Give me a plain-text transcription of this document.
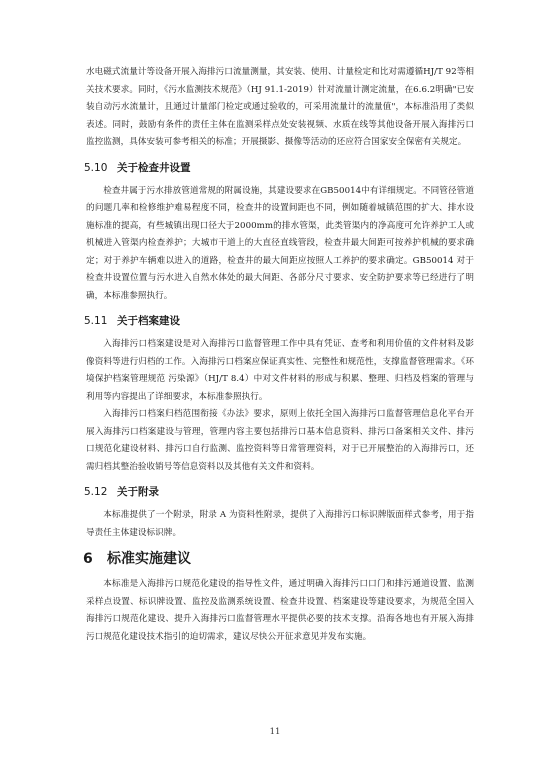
水电磁式流量计等设备开展入海排污口流量测量，其安装、使用、计量检定和比对需遵循HJ/T 92等相关技术要求。同时，《污水监测技术规范》（HJ 91.1-2019）针对流量计测定流量，在6.6.2明确"已安装自动污水流量计，且通过计量部门检定或通过验收的，可采用流量计的流量值"，本标准沿用了类似表述。同时，鼓励有条件的责任主体在监测采样点处安装视频、水质在线等其他设备开展入海排污口监控监测，具体安装可参考相关的标准；开展摄影、摄像等活动的还应符合国家安全保密有关规定。

5.10 关于检查井设置

检查井属于污水排放管道常规的附属设施，其建设要求在GB50014中有详细规定。不同管径管道的问题几率和检修维护难易程度不同，检查井的设置间距也不同，例如随着城镇范围的扩大、排水设施标准的提高，有些城镇出现口径大于2000mm的排水管渠，此类管渠内的净高度可允许养护工人或机械进入管渠内检查养护；大城市干道上的大直径直线管段，检查井最大间距可按养护机械的要求确定；对于养护车辆难以进入的道路，检查井的最大间距应按照人工养护的要求确定。GB50014 对于检查井设置位置与污水进入自然水体处的最大间距、各部分尺寸要求、安全防护要求等已经进行了明确，本标准参照执行。

5.11 关于档案建设

入海排污口档案建设是对入海排污口监督管理工作中具有凭证、查考和利用价值的文件材料及影像资料等进行归档的工作。入海排污口档案应保证真实性、完整性和规范性，支撑监督管理需求。《环境保护档案管理规范 污染源》（HJ/T 8.4）中对文件材料的形成与积累、整理、归档及档案的管理与利用等内容提出了详细要求，本标准参照执行。

入海排污口档案归档范围衔接《办法》要求，原则上依托全国入海排污口监督管理信息化平台开展入海排污口档案建设与管理，管理内容主要包括排污口基本信息资料、排污口备案相关文件、排污口规范化建设材料、排污口自行监测、监控资料等日常管理资料，对于已开展整治的入海排污口，还需归档其整治验收销号等信息资料以及其他有关文件和资料。

5.12 关于附录

本标准提供了一个附录，附录 A 为资料性附录，提供了入海排污口标识牌版面样式参考，用于指导责任主体建设标识牌。

6	标准实施建议

本标准是入海排污口规范化建设的指导性文件，通过明确入海排污口口门和排污通道设置、监测采样点设置、标识牌设置、监控及监测系统设置、检查井设置、档案建设等建设要求，为规范全国入海排污口规范化建设、提升入海排污口监督管理水平提供必要的技术支撑。沿海各地也有开展入海排污口规范化建设技术指引的迫切需求，建议尽快公开征求意见并发布实施。

11
